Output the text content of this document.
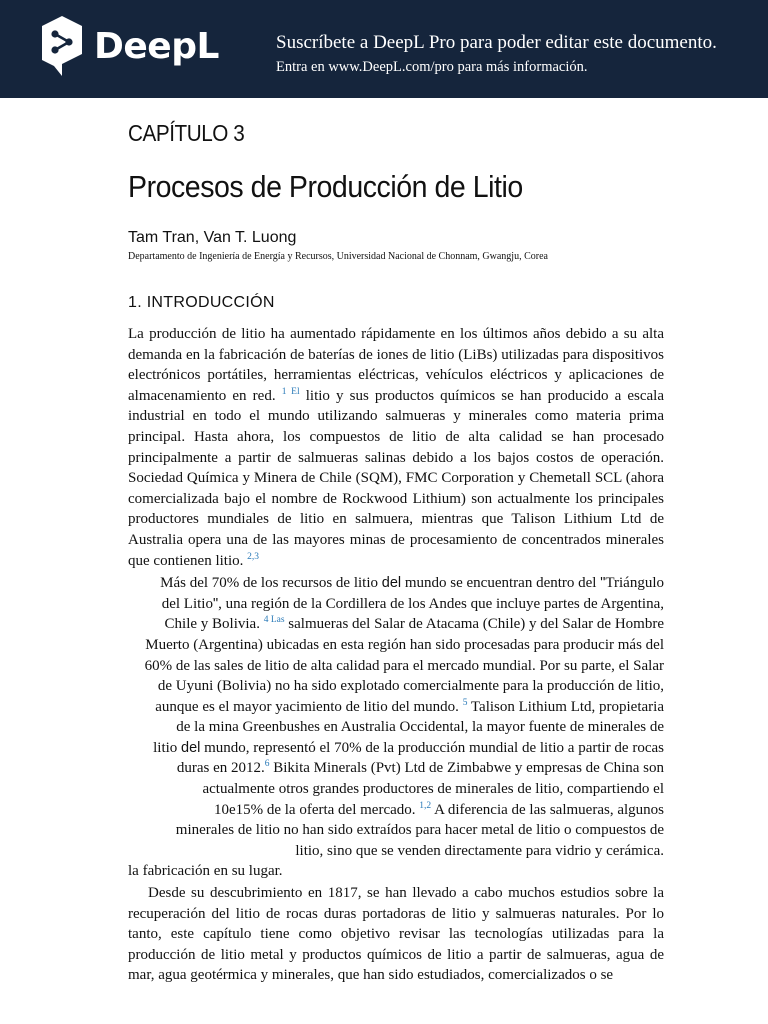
DeepL	Suscríbete a DeepL Pro para poder editar este documento.

Entra en www.DeepL.com/pro para más información.

CAPÍTULO 3
Procesos de Producción de Litio
Tam Tran, Van T. Luong
Departamento de Ingeniería de Energía y Recursos, Universidad Nacional de Chonnam, Gwangju, Corea
1. INTRODUCCIÓN

La producción de litio ha aumentado rápidamente en los últimos años debido a su alta demanda en la fabricación de baterías de iones de litio (LiBs) utilizadas para dispositivos electrónicos portátiles, herramientas eléctricas, vehículos eléctricos y aplicaciones de almacenamiento en red. $^{1 El}$ litio y sus productos químicos se han producido a escala industrial en todo el mundo utilizando salmueras y minerales como materia prima principal. Hasta ahora, los compuestos de litio de alta calidad se han procesado principalmente a partir de salmueras salinas debido a los bajos costos de operación. Sociedad Química y Minera de Chile (SQM), FMC Corporation y Chemetall SCL (ahora comercializada bajo el nombre de Rockwood Lithium) son actualmente los principales productores mundiales de litio en salmuera, mientras que Talison Lithium Ltd de Australia opera una de las mayores minas de procesamiento de concentrados minerales que contienen litio. $^{2,3}$

Más del 70% de los recursos de litio del mundo se encuentran dentro del "Triángulo
del Litio", una región de la Cordillera de los Andes que incluye partes de Argentina,
Chile y Bolivia. $^{4 Las}$ salmueras del Salar de Atacama (Chile) y del Salar de Hombre
Muerto (Argentina) ubicadas en esta región han sido procesadas para producir más del
60% de las sales de litio de alta calidad para el mercado mundial. Por su parte, el Salar
de Uyuni (Bolivia) no ha sido explotado comercialmente para la producción de litio,
aunque es el mayor yacimiento de litio del mundo. $^5$ Talison Lithium Ltd, propietaria
de la mina Greenbushes en Australia Occidental, la mayor fuente de minerales de
litio del mundo, representó el 70% de la producción mundial de litio a partir de rocas
duras en 2012.$^6$ Bikita Minerals (Pvt) Ltd de Zimbabwe y empresas de China son
actualmente otros grandes productores de minerales de litio, compartiendo el
10e15% de la oferta del mercado. $^{1,2}$ A diferencia de las salmueras, algunos
minerales de litio no han sido extraídos para hacer metal de litio o compuestos de
litio, sino que se venden directamente para vidrio y cerámica.

la fabricación en su lugar.

Desde su descubrimiento en 1817, se han llevado a cabo muchos estudios sobre la recuperación del litio de rocas duras portadoras de litio y salmueras naturales. Por lo tanto, este capítulo tiene como objetivo revisar las tecnologías utilizadas para la producción de litio metal y productos químicos de litio a partir de salmueras, agua de mar, agua geotérmica y minerales, que han sido estudiados, comercializados o se
